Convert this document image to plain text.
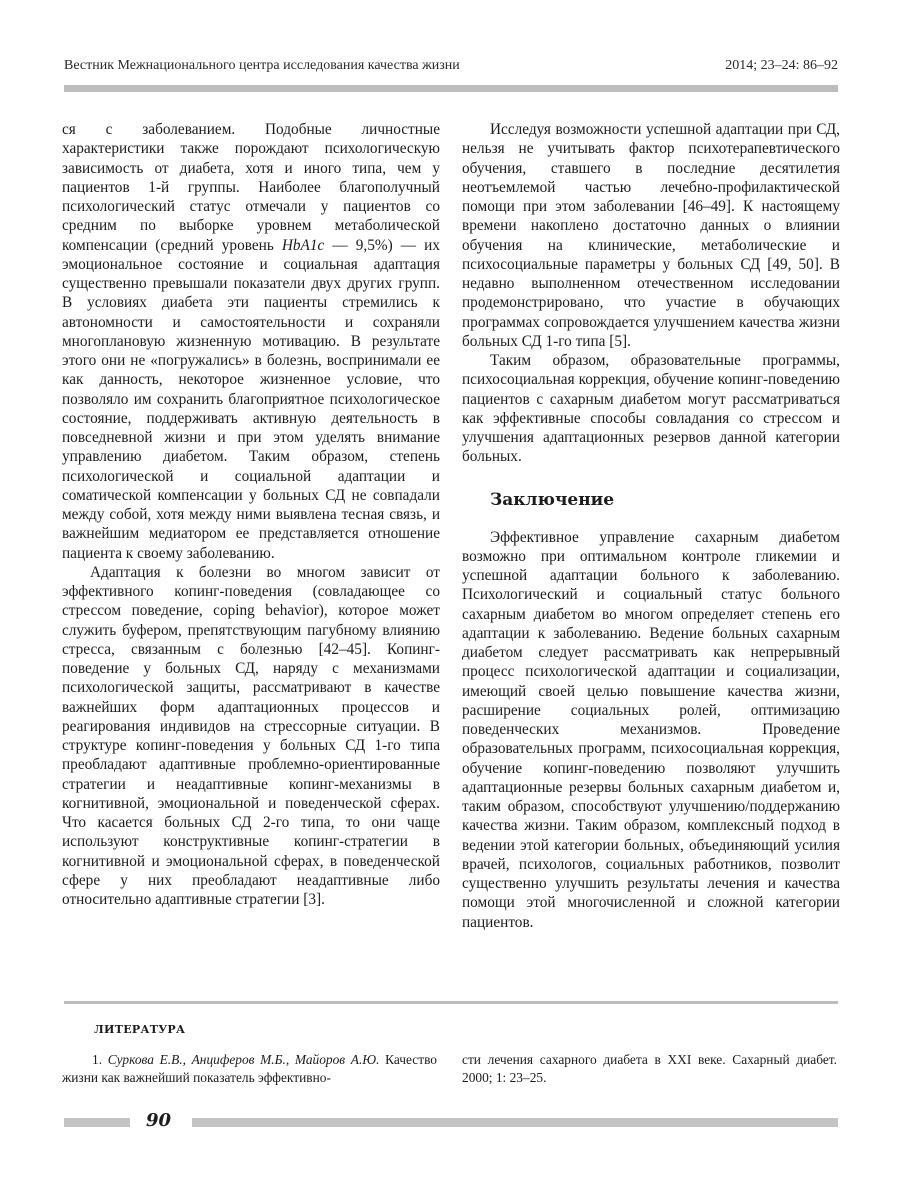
Вестник Межнационального центра исследования качества жизни	2014; 23–24: 86–92

ся с заболеванием. Подобные личностные характеристики также порождают психологическую зависимость от диабета, хотя и иного типа, чем у пациентов 1-й группы. Наиболее благополучный психологический статус отмечали у пациентов со средним по выборке уровнем метаболической компенсации (средний уровень HbA1c — 9,5%) — их эмоциональное состояние и социальная адаптация существенно превышали показатели двух других групп. В условиях диабета эти пациенты стремились к автономности и самостоятельности и сохраняли многоплановую жизненную мотивацию. В результате этого они не «погружались» в болезнь, воспринимали ее как данность, некоторое жизненное условие, что позволяло им сохранить благоприятное психологическое состояние, поддерживать активную деятельность в повседневной жизни и при этом уделять внимание управлению диабетом. Таким образом, степень психологической и социальной адаптации и соматической компенсации у больных СД не совпадали между собой, хотя между ними выявлена тесная связь, и важнейшим медиатором ее представляется отношение пациента к своему заболеванию.

Адаптация к болезни во многом зависит от эффективного копинг-поведения (совладающее со стрессом поведение, coping behavior), которое может служить буфером, препятствующим пагубному влиянию стресса, связанным с болезнью [42–45]. Копинг-поведение у больных СД, наряду с механизмами психологической защиты, рассматривают в качестве важнейших форм адаптационных процессов и реагирования индивидов на стрессорные ситуации. В структуре копинг-поведения у больных СД 1-го типа преобладают адаптивные проблемно-ориентированные стратегии и неадаптивные копинг-механизмы в когнитивной, эмоциональной и поведенческой сферах. Что касается больных СД 2-го типа, то они чаще используют конструктивные копинг-стратегии в когнитивной и эмоциональной сферах, в поведенческой сфере у них преобладают неадаптивные либо относительно адаптивные стратегии [3].

Исследуя возможности успешной адаптации при СД, нельзя не учитывать фактор психотерапевтического обучения, ставшего в последние десятилетия неотъемлемой частью лечебно-профилактической помощи при этом заболевании [46–49]. К настоящему времени накоплено достаточно данных о влиянии обучения на клинические, метаболические и психосоциальные параметры у больных СД [49, 50]. В недавно выполненном отечественном исследовании продемонстрировано, что участие в обучающих программах сопровождается улучшением качества жизни больных СД 1-го типа [5].

Таким образом, образовательные программы, психосоциальная коррекция, обучение копинг-поведению пациентов с сахарным диабетом могут рассматриваться как эффективные способы совладания со стрессом и улучшения адаптационных резервов данной категории больных.

Заключение

Эффективное управление сахарным диабетом возможно при оптимальном контроле гликемии и успешной адаптации больного к заболеванию. Психологический и социальный статус больного сахарным диабетом во многом определяет степень его адаптации к заболеванию. Ведение больных сахарным диабетом следует рассматривать как непрерывный процесс психологической адаптации и социализации, имеющий своей целью повышение качества жизни, расширение социальных ролей, оптимизацию поведенческих механизмов. Проведение образовательных программ, психосоциальная коррекция, обучение копинг-поведению позволяют улучшить адаптационные резервы больных сахарным диабетом и, таким образом, способствуют улучшению/поддержанию качества жизни. Таким образом, комплексный подход в ведении этой категории больных, объединяющий усилия врачей, психологов, социальных работников, позволит существенно улучшить результаты лечения и качества помощи этой многочисленной и сложной категории пациентов.

ЛИТЕРАТУРА

1. Суркова Е.В., Анциферов М.Б., Майоров А.Ю. Качество жизни как важнейший показатель эффективно-

сти лечения сахарного диабета в XXI веке. Сахарный диабет. 2000; 1: 23–25.

90
